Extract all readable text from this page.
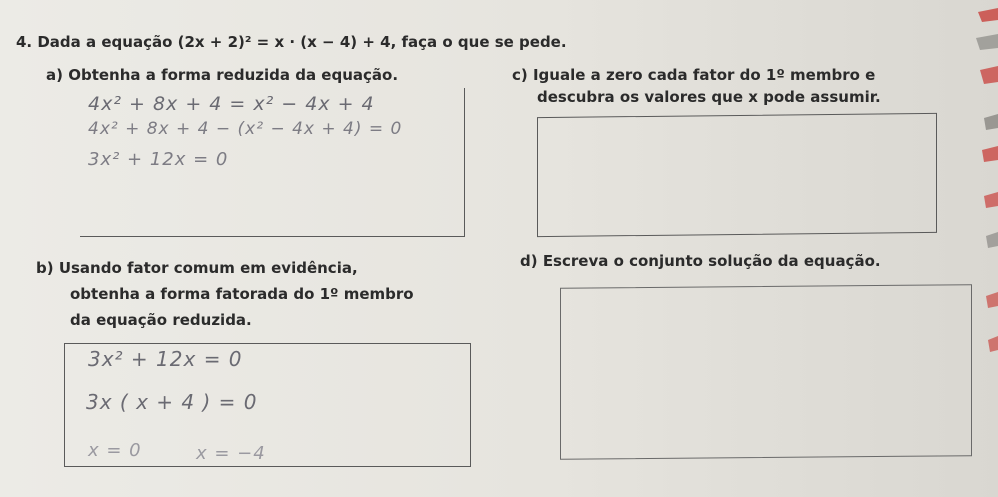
4. Dada a equação (2x + 2)² = x · (x − 4) + 4, faça o que se pede.
a) Obtenha a forma reduzida da equação.
4x² + 8x + 4 = x² − 4x + 4
4x² + 8x + 4 − (x² − 4x + 4) = 0
3x² + 12x = 0
c) Iguale a zero cada fator do 1º membro e
descubra os valores que x pode assumir.
b) Usando fator comum em evidência,
obtenha a forma fatorada do 1º membro
da equação reduzida.
3x² + 12x = 0
3x ( x + 4 ) = 0
x = 0	x = −4
d) Escreva o conjunto solução da equação.
